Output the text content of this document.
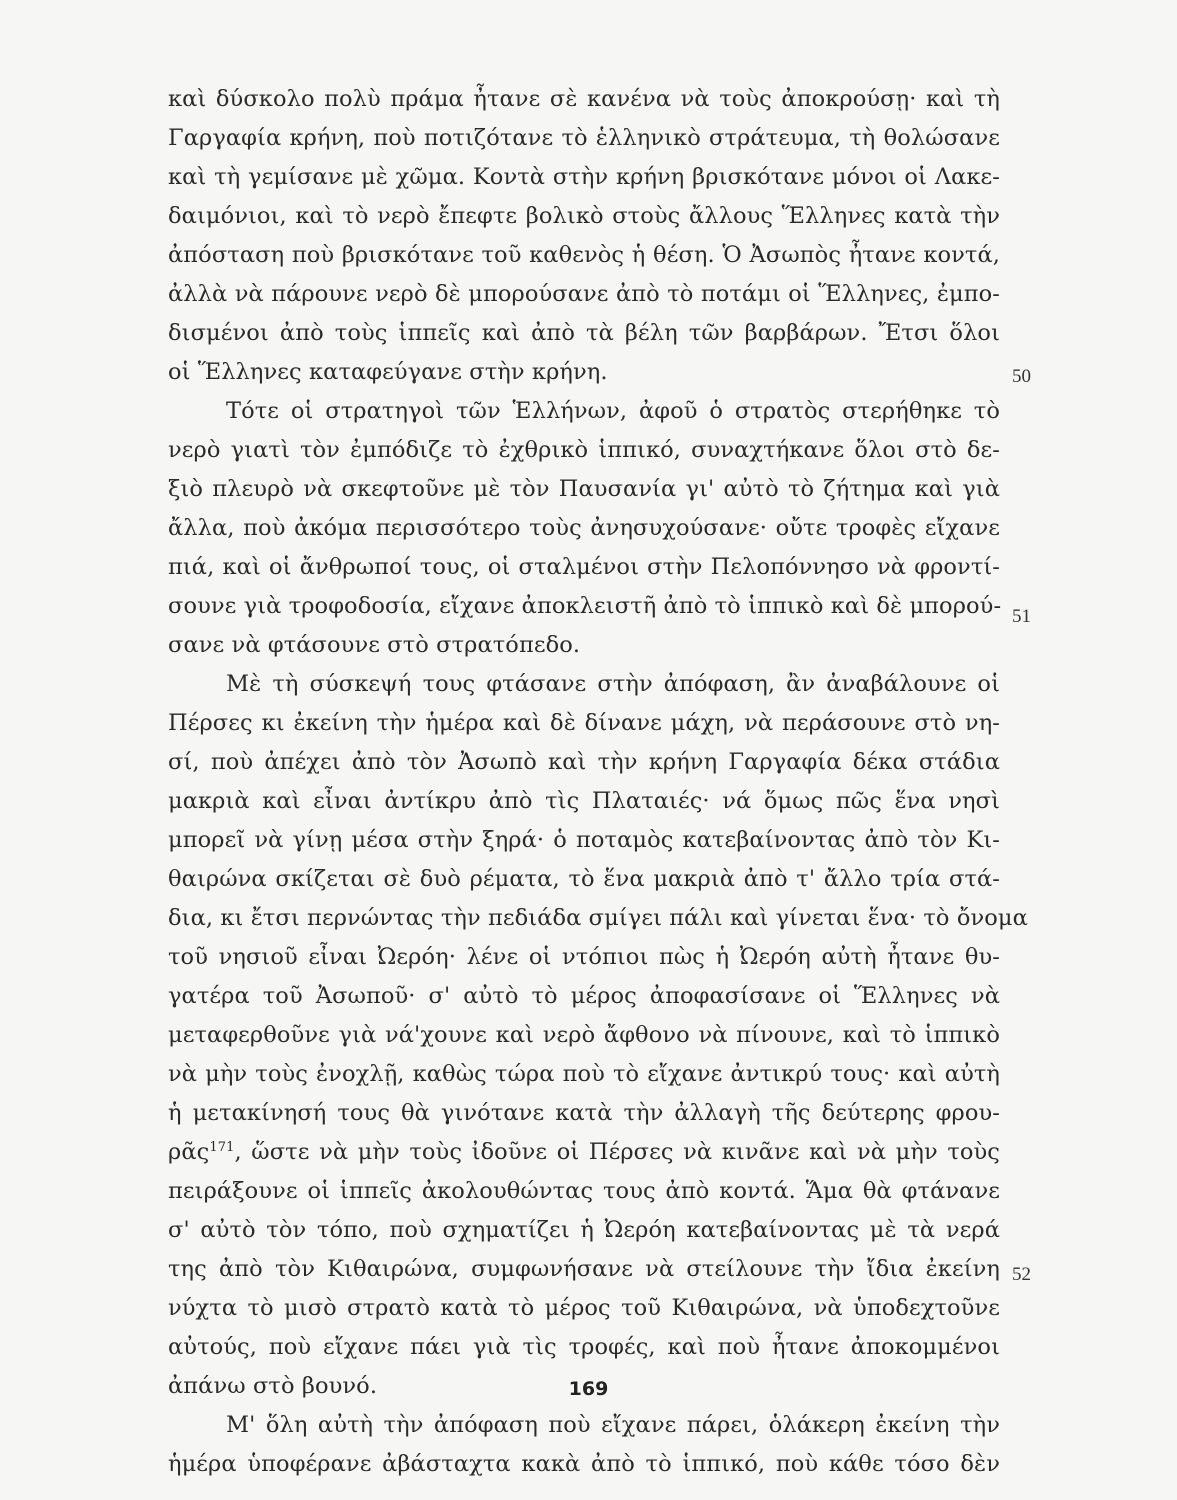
καὶ δύσκολο πολὺ πράμα ἦτανε σὲ κανένα νὰ τοὺς ἀποκρούσῃ· καὶ τὴ
Γαργαφία κρήνη, ποὺ ποτιζότανε τὸ ἑλληνικὸ στράτευμα, τὴ θολώσανε
καὶ τὴ γεμίσανε μὲ χῶμα. Κοντὰ στὴν κρήνη βρισκότανε μόνοι οἱ Λακε-
δαιμόνιοι, καὶ τὸ νερὸ ἔπεφτε βολικὸ στοὺς ἄλλους Ἕλληνες κατὰ τὴν
ἀπόσταση ποὺ βρισκότανε τοῦ καθενὸς ἡ θέση. Ὁ Ἀσωπὸς ἦτανε κοντά,
ἀλλὰ νὰ πάρουνε νερὸ δὲ μπορούσανε ἀπὸ τὸ ποτάμι οἱ Ἕλληνες, ἐμπο-
δισμένοι ἀπὸ τοὺς ἱππεῖς καὶ ἀπὸ τὰ βέλη τῶν βαρβάρων. Ἔτσι ὅλοι
οἱ Ἕλληνες καταφεύγανε στὴν κρήνη.
Τότε οἱ στρατηγοὶ τῶν Ἑλλήνων, ἀφοῦ ὁ στρατὸς στερήθηκε τὸ
νερὸ γιατὶ τὸν ἐμπόδιζε τὸ ἐχθρικὸ ἱππικό, συναχτήκανε ὅλοι στὸ δε-
ξιὸ πλευρὸ νὰ σκεφτοῦνε μὲ τὸν Παυσανία γι' αὐτὸ τὸ ζήτημα καὶ γιὰ
ἄλλα, ποὺ ἀκόμα περισσότερο τοὺς ἀνησυχούσανε· οὔτε τροφὲς εἴχανε
πιά, καὶ οἱ ἄνθρωποί τους, οἱ σταλμένοι στὴν Πελοπόννησο νὰ φροντί-
σουνε γιὰ τροφοδοσία, εἴχανε ἀποκλειστῆ ἀπὸ τὸ ἱππικὸ καὶ δὲ μπορού-
σανε νὰ φτάσουνε στὸ στρατόπεδο.
Μὲ τὴ σύσκεψή τους φτάσανε στὴν ἀπόφαση, ἂν ἀναβάλουνε οἱ
Πέρσες κι ἐκείνη τὴν ἡμέρα καὶ δὲ δίνανε μάχη, νὰ περάσουνε στὸ νη-
σί, ποὺ ἀπέχει ἀπὸ τὸν Ἀσωπὸ καὶ τὴν κρήνη Γαργαφία δέκα στάδια
μακριὰ καὶ εἶναι ἀντίκρυ ἀπὸ τὶς Πλαταιές· νά ὅμως πῶς ἕνα νησὶ
μπορεῖ νὰ γίνῃ μέσα στὴν ξηρά· ὁ ποταμὸς κατεβαίνοντας ἀπὸ τὸν Κι-
θαιρώνα σκίζεται σὲ δυὸ ρέματα, τὸ ἕνα μακριὰ ἀπὸ τ' ἄλλο τρία στά-
δια, κι ἔτσι περνώντας τὴν πεδιάδα σμίγει πάλι καὶ γίνεται ἕνα· τὸ ὄνομα
τοῦ νησιοῦ εἶναι Ὠερόη· λένε οἱ ντόπιοι πὼς ἡ Ὠερόη αὐτὴ ἦτανε θυ-
γατέρα τοῦ Ἀσωποῦ· σ' αὐτὸ τὸ μέρος ἀποφασίσανε οἱ Ἕλληνες νὰ
μεταφερθοῦνε γιὰ νά'χουνε καὶ νερὸ ἄφθονο νὰ πίνουνε, καὶ τὸ ἱππικὸ
νὰ μὴν τοὺς ἐνοχλῇ, καθὼς τώρα ποὺ τὸ εἴχανε ἀντικρύ τους· καὶ αὐτὴ
ἡ μετακίνησή τους θὰ γινότανε κατὰ τὴν ἀλλαγὴ τῆς δεύτερης φρου-
ρᾶς$^{171}$, ὥστε νὰ μὴν τοὺς ἰδοῦνε οἱ Πέρσες νὰ κινᾶνε καὶ νὰ μὴν τοὺς
πειράξουνε οἱ ἱππεῖς ἀκολουθώντας τους ἀπὸ κοντά. Ἅμα θὰ φτάνανε
σ' αὐτὸ τὸν τόπο, ποὺ σχηματίζει ἡ Ὠερόη κατεβαίνοντας μὲ τὰ νερά
της ἀπὸ τὸν Κιθαιρώνα, συμφωνήσανε νὰ στείλουνε τὴν ἴδια ἐκείνη
νύχτα τὸ μισὸ στρατὸ κατὰ τὸ μέρος τοῦ Κιθαιρώνα, νὰ ὑποδεχτοῦνε
αὐτούς, ποὺ εἴχανε πάει γιὰ τὶς τροφές, καὶ ποὺ ἦτανε ἀποκομμένοι
ἀπάνω στὸ βουνό.
Μ' ὅλη αὐτὴ τὴν ἀπόφαση ποὺ εἴχανε πάρει, ὁλάκερη ἐκείνη τὴν
ἡμέρα ὑποφέρανε ἀβάσταχτα κακὰ ἀπὸ τὸ ἱππικό, ποὺ κάθε τόσο δὲν
50
51
52
169
